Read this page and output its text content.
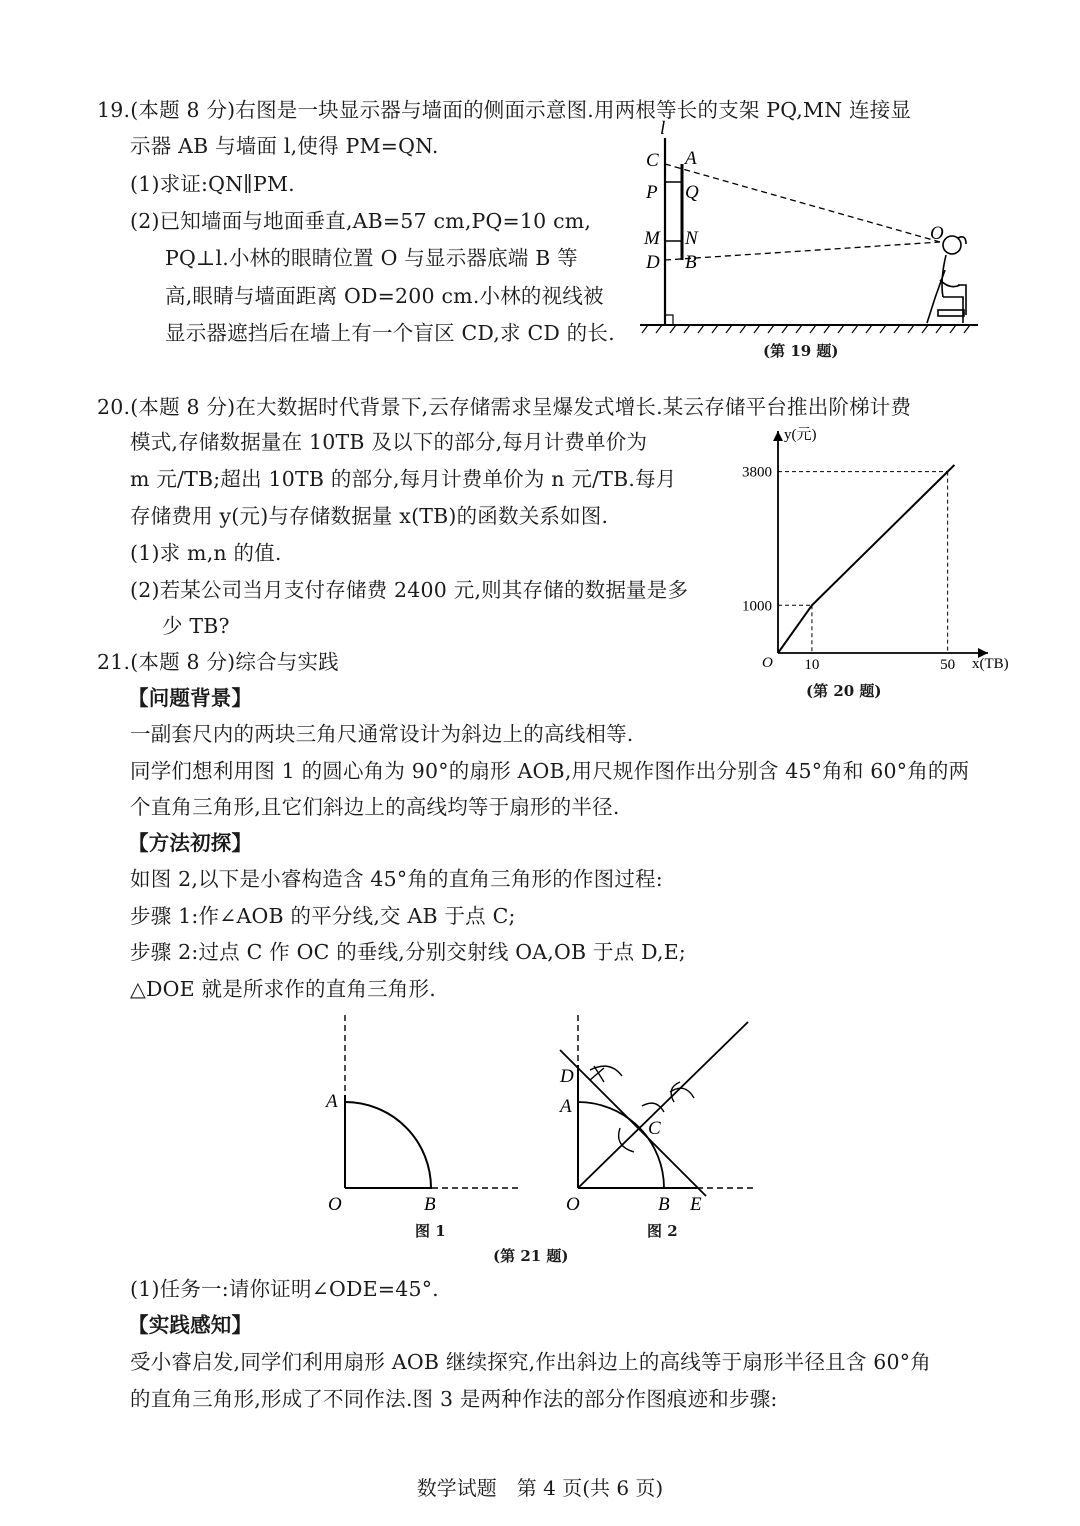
19.(本题 8 分)右图是一块显示器与墙面的侧面示意图.用两根等长的支架 PQ,MN 连接显
示器 AB 与墙面 l,使得 PM=QN.
(1)求证:QN∥PM.
(2)已知墙面与地面垂直,AB=57 cm,PQ=10 cm,
PQ⊥l.小林的眼睛位置 O 与显示器底端 B 等
高,眼睛与墙面距离 OD=200 cm.小林的视线被
显示器遮挡后在墙上有一个盲区 CD,求 CD 的长.
l
C A
P Q
M N
D B
O
(第 19 题)
20.(本题 8 分)在大数据时代背景下,云存储需求呈爆发式增长.某云存储平台推出阶梯计费
模式,存储数据量在 10TB 及以下的部分,每月计费单价为
m 元/TB;超出 10TB 的部分,每月计费单价为 n 元/TB.每月
存储费用 y(元)与存储数据量 x(TB)的函数关系如图.
(1)求 m,n 的值.
(2)若某公司当月支付存储费 2400 元,则其存储的数据量是多
少 TB?
O 10	50
1000
3800
x(TB)
y(元)
(第 20 题)
21.(本题 8 分)综合与实践
【问题背景】
一副套尺内的两块三角尺通常设计为斜边上的高线相等.
同学们想利用图 1 的圆心角为 90°的扇形 AOB,用尺规作图作出分别含 45°角和 60°角的两
个直角三角形,且它们斜边上的高线均等于扇形的半径.
【方法初探】
如图 2,以下是小睿构造含 45°角的直角三角形的作图过程:
步骤 1:作∠AOB 的平分线,交 AB 于点 C;
步骤 2:过点 C 作 OC 的垂线,分别交射线 OA,OB 于点 D,E;
△DOE 就是所求作的直角三角形.
A
O	B
图 1
D
A
C
O	B E
图 2
(第 21 题)
(1)任务一:请你证明∠ODE=45°.
【实践感知】
受小睿启发,同学们利用扇形 AOB 继续探究,作出斜边上的高线等于扇形半径且含 60°角
的直角三角形,形成了不同作法.图 3 是两种作法的部分作图痕迹和步骤:
数学试题　第 4 页(共 6 页)
